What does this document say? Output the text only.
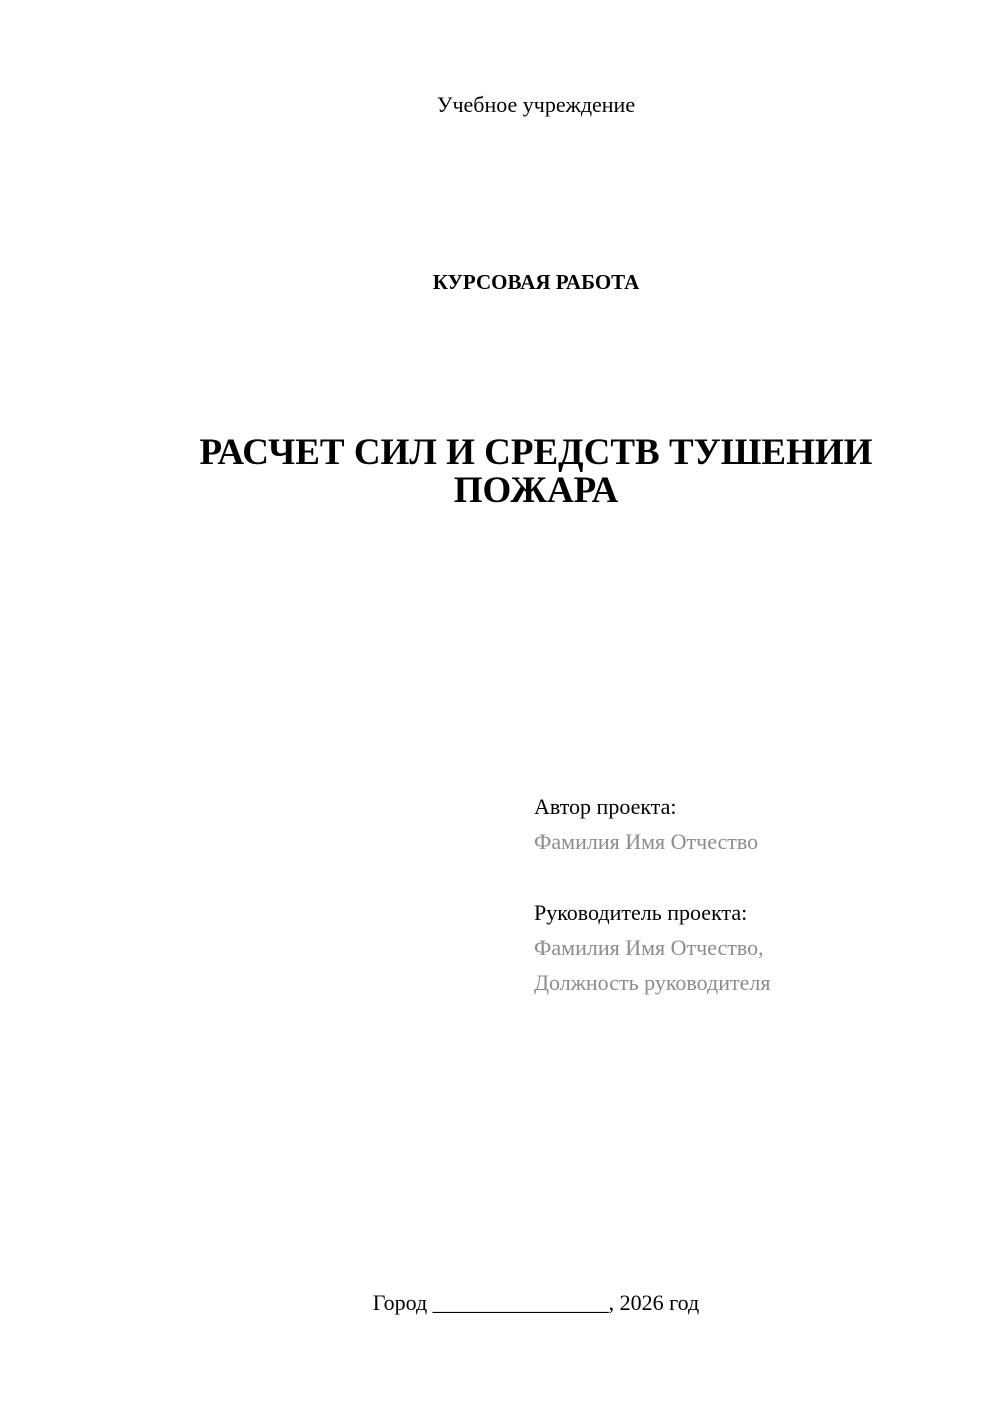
Учебное учреждение
КУРСОВАЯ РАБОТА
РАСЧЕТ СИЛ И СРЕДСТВ ТУШЕНИИ
ПОЖАРА
Автор проекта:
Фамилия Имя Отчество
Руководитель проекта:
Фамилия Имя Отчество,
Должность руководителя
Город ________________, 2026 год
